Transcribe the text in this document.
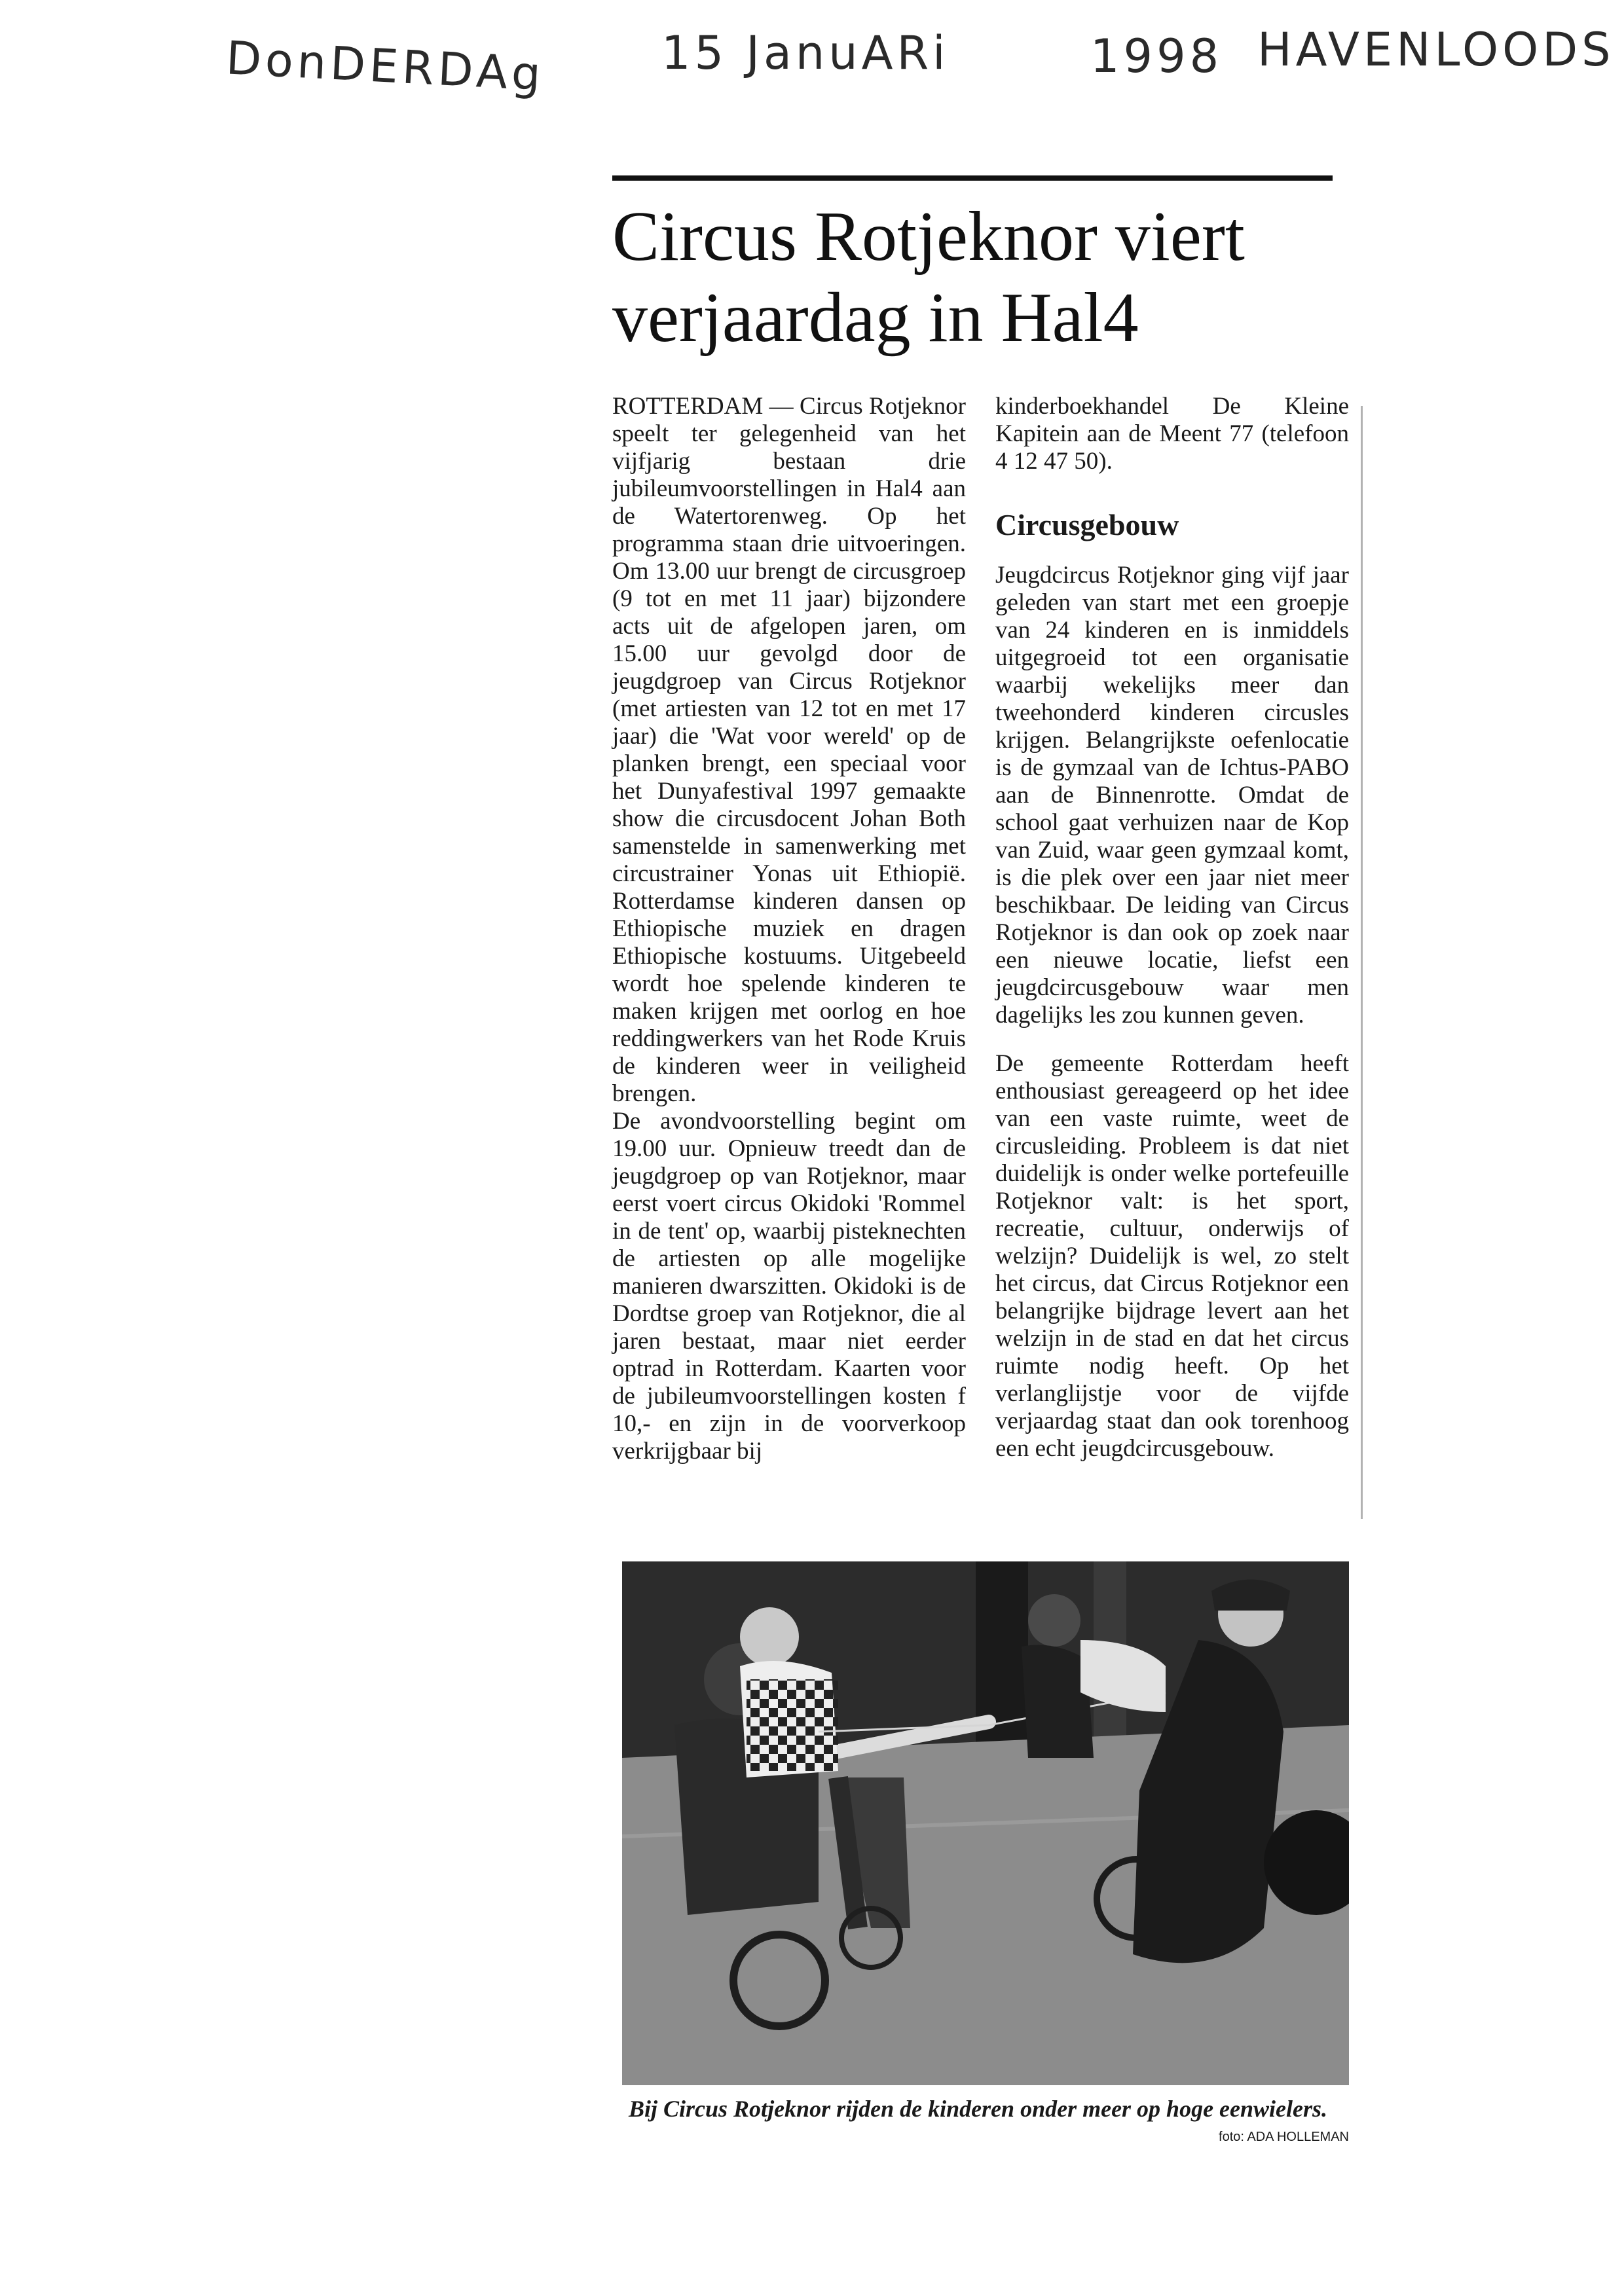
DonDERDAg	15 JanuARi	1998 HAVENLOODS
Circus Rotjeknor viert verjaardag in Hal4

ROTTERDAM — Circus Rotjeknor speelt ter gelegenheid van het vijfjarig bestaan drie jubileumvoorstellingen in Hal4 aan de Watertorenweg. Op het programma staan drie uitvoeringen. Om 13.00 uur brengt de circusgroep (9 tot en met 11 jaar) bijzondere acts uit de afgelopen jaren, om 15.00 uur gevolgd door de jeugdgroep van Circus Rotjeknor (met artiesten van 12 tot en met 17 jaar) die 'Wat voor wereld' op de planken brengt, een speciaal voor het Dunyafestival 1997 gemaakte show die circusdocent Johan Both samenstelde in samenwerking met circustrainer Yonas uit Ethiopië. Rotterdamse kinderen dansen op Ethiopische muziek en dragen Ethiopische kostuums. Uitgebeeld wordt hoe spelende kinderen te maken krijgen met oorlog en hoe reddingwerkers van het Rode Kruis de kinderen weer in veiligheid brengen.

De avondvoorstelling begint om 19.00 uur. Opnieuw treedt dan de jeugdgroep op van Rotjeknor, maar eerst voert circus Okidoki 'Rommel in de tent' op, waarbij pisteknechten de artiesten op alle mogelijke manieren dwarszitten. Okidoki is de Dordtse groep van Rotjeknor, die al jaren bestaat, maar niet eerder optrad in Rotterdam. Kaarten voor de jubileumvoorstellingen kosten f 10,- en zijn in de voorverkoop verkrijgbaar bij

kinderboekhandel De Kleine Kapitein aan de Meent 77 (telefoon 4 12 47 50).

Circusgebouw

Jeugdcircus Rotjeknor ging vijf jaar geleden van start met een groepje van 24 kinderen en is inmiddels uitgegroeid tot een organisatie waarbij wekelijks meer dan tweehonderd kinderen circusles krijgen. Belangrijkste oefenlocatie is de gymzaal van de Ichtus-PABO aan de Binnenrotte. Omdat de school gaat verhuizen naar de Kop van Zuid, waar geen gymzaal komt, is die plek over een jaar niet meer beschikbaar. De leiding van Circus Rotjeknor is dan ook op zoek naar een nieuwe locatie, liefst een jeugdcircusgebouw waar men dagelijks les zou kunnen geven.

De gemeente Rotterdam heeft enthousiast gereageerd op het idee van een vaste ruimte, weet de circusleiding. Probleem is dat niet duidelijk is onder welke portefeuille Rotjeknor valt: is het sport, recreatie, cultuur, onderwijs of welzijn? Duidelijk is wel, zo stelt het circus, dat Circus Rotjeknor een belangrijke bijdrage levert aan het welzijn in de stad en dat het circus ruimte nodig heeft. Op het verlanglijstje voor de vijfde verjaardag staat dan ook torenhoog een echt jeugdcircusgebouw.

Bij Circus Rotjeknor rijden de kinderen onder meer op hoge eenwielers.
foto: ADA HOLLEMAN
